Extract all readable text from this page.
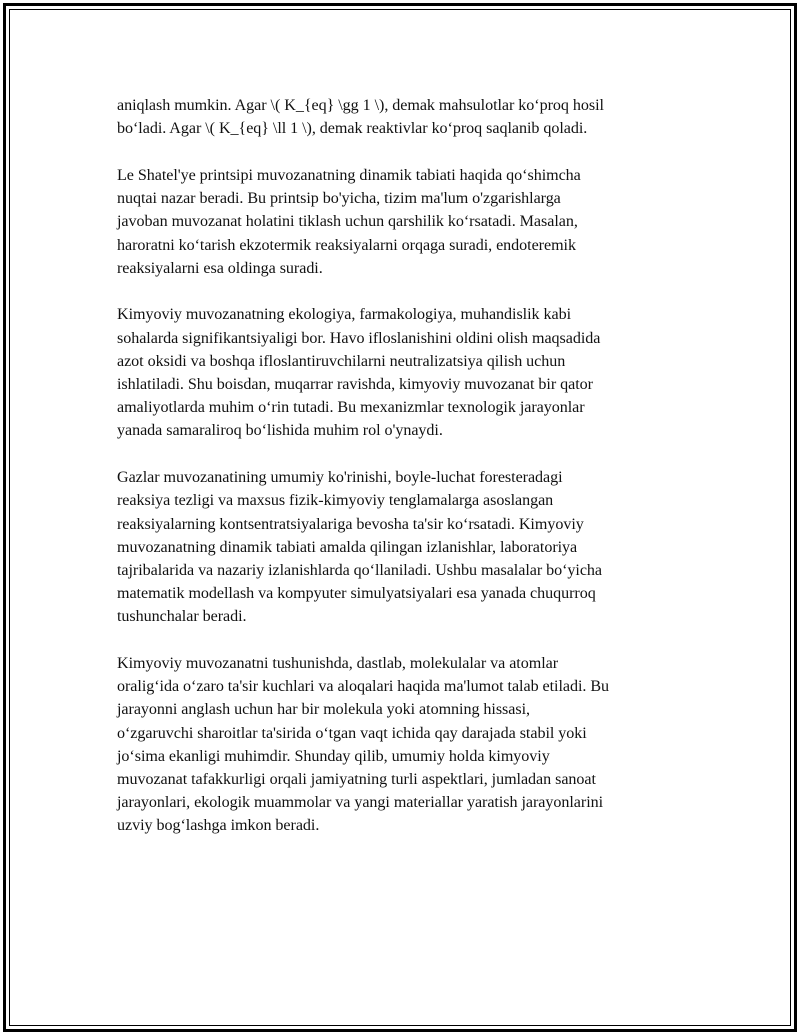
aniqlash mumkin. Agar \( K_{eq} \gg 1 \), demak mahsulotlar ko‘proq hosil
bo‘ladi. Agar \( K_{eq} \ll 1 \), demak reaktivlar ko‘proq saqlanib qoladi.

Le Shatel'ye printsipi muvozanatning dinamik tabiati haqida qo‘shimcha
nuqtai nazar beradi. Bu printsip bo'yicha, tizim ma'lum o'zgarishlarga
javoban muvozanat holatini tiklash uchun qarshilik ko‘rsatadi. Masalan,
haroratni ko‘tarish ekzotermik reaksiyalarni orqaga suradi, endoteremik
reaksiyalarni esa oldinga suradi.

Kimyoviy muvozanatning ekologiya, farmakologiya, muhandislik kabi
sohalarda signifikantsiyaligi bor. Havo ifloslanishini oldini olish maqsadida
azot oksidi va boshqa ifloslantiruvchilarni neutralizatsiya qilish uchun
ishlatiladi. Shu boisdan, muqarrar ravishda, kimyoviy muvozanat bir qator
amaliyotlarda muhim o‘rin tutadi. Bu mexanizmlar texnologik jarayonlar
yanada samaraliroq bo‘lishida muhim rol o'ynaydi.

Gazlar muvozanatining umumiy ko'rinishi, boyle-luchat foresteradagi
reaksiya tezligi va maxsus fizik-kimyoviy tenglamalarga asoslangan
reaksiyalarning kontsentratsiyalariga bevosha ta'sir ko‘rsatadi. Kimyoviy
muvozanatning dinamik tabiati amalda qilingan izlanishlar, laboratoriya
tajribalarida va nazariy izlanishlarda qo‘llaniladi. Ushbu masalalar bo‘yicha
matematik modellash va kompyuter simulyatsiyalari esa yanada chuqurroq
tushunchalar beradi.

Kimyoviy muvozanatni tushunishda, dastlab, molekulalar va atomlar
oralig‘ida o‘zaro ta'sir kuchlari va aloqalari haqida ma'lumot talab etiladi. Bu
jarayonni anglash uchun har bir molekula yoki atomning hissasi,
o‘zgaruvchi sharoitlar ta'sirida o‘tgan vaqt ichida qay darajada stabil yoki
jo‘sima ekanligi muhimdir. Shunday qilib, umumiy holda kimyoviy
muvozanat tafakkurligi orqali jamiyatning turli aspektlari, jumladan sanoat
jarayonlari, ekologik muammolar va yangi materiallar yaratish jarayonlarini
uzviy bog‘lashga imkon beradi.
